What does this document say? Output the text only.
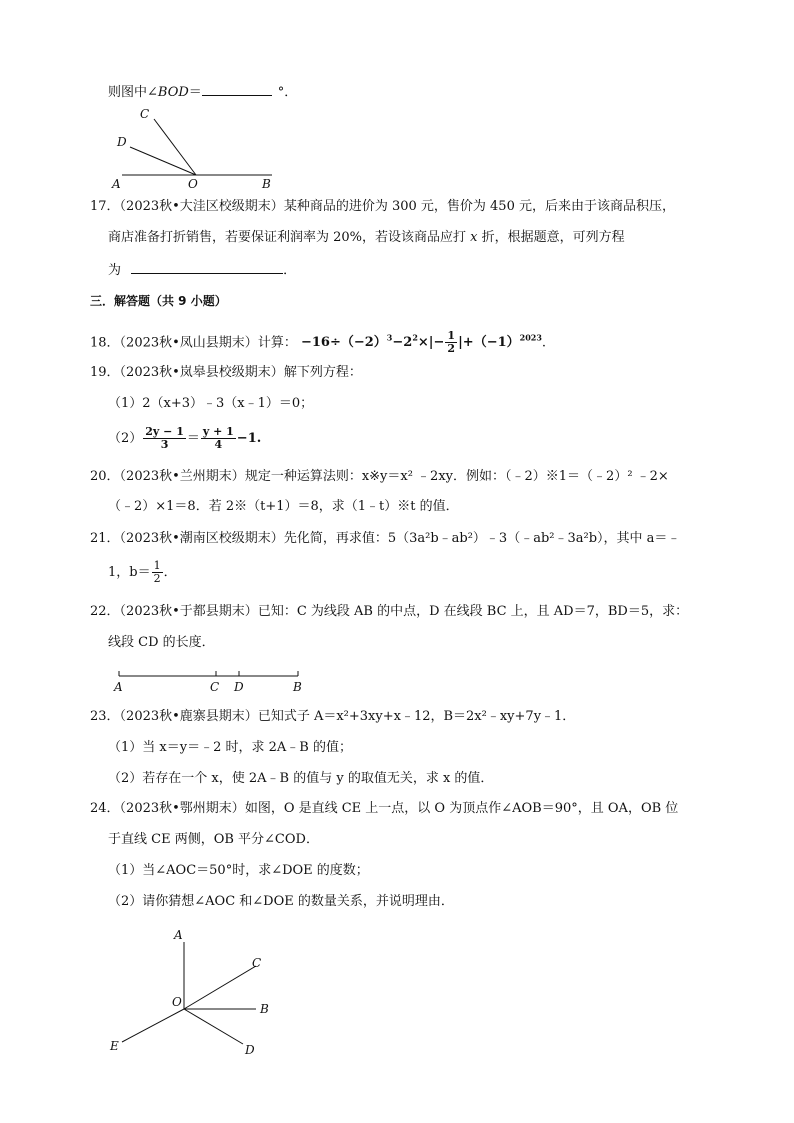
则图中∠BOD＝	°．
C
D
A	O	B
17．（2023秋•大洼区校级期末）某种商品的进价为 300 元，售价为 450 元，后来由于该商品积压，
商店准备打折销售，若要保证利润率为 20%，若设该商品应打 x 折，根据题意，可列方程
为	．
三．解答题（共 9 小题）
18．（2023秋•凤山县期末）计算： $-16\div(-2)^3-2^2\times|- \frac{1}{2} |+(-1)^{2023}$.
19．（2023秋•岚皋县校级期末）解下列方程：
（1）2（x+3）﹣3（x﹣1）＝0；
$(2) \frac{2y - 1}{3} = \frac{y + 1}{4} -1$.
20．（2023秋•兰州期末）规定一种运算法则：x※y＝x² ﹣2xy．例如：（﹣2）※1＝（﹣2）² ﹣2×
（﹣2）×1＝8．若 2※（t+1）＝8，求（1﹣t）※t 的值．
21．（2023秋•潮南区校级期末）先化简，再求值：5（3a²b﹣ab²）﹣3（﹣ab²﹣3a²b），其中 a＝﹣
1，$b= \frac{1}{2}$ ．
22．（2023秋•于都县期末）已知：C 为线段 AB 的中点，D 在线段 BC 上，且 AD＝7，BD＝5，求：
线段 CD 的长度．
A	C D	B
23．（2023秋•鹿寨县期末）已知式子 A＝x²+3xy+x﹣12，B＝2x²﹣xy+7y﹣1．
（1）当 x＝y＝﹣2 时，求 2A﹣B 的值；
（2）若存在一个 x，使 2A﹣B 的值与 y 的取值无关，求 x 的值．
24．（2023秋•鄂州期末）如图，O 是直线 CE 上一点，以 O 为顶点作∠AOB＝90°，且 OA，OB 位
于直线 CE 两侧，OB 平分∠COD．
（1）当∠AOC＝50°时，求∠DOE 的度数；
（2）请你猜想∠AOC 和∠DOE 的数量关系，并说明理由．
A
C
O	B
E	D
